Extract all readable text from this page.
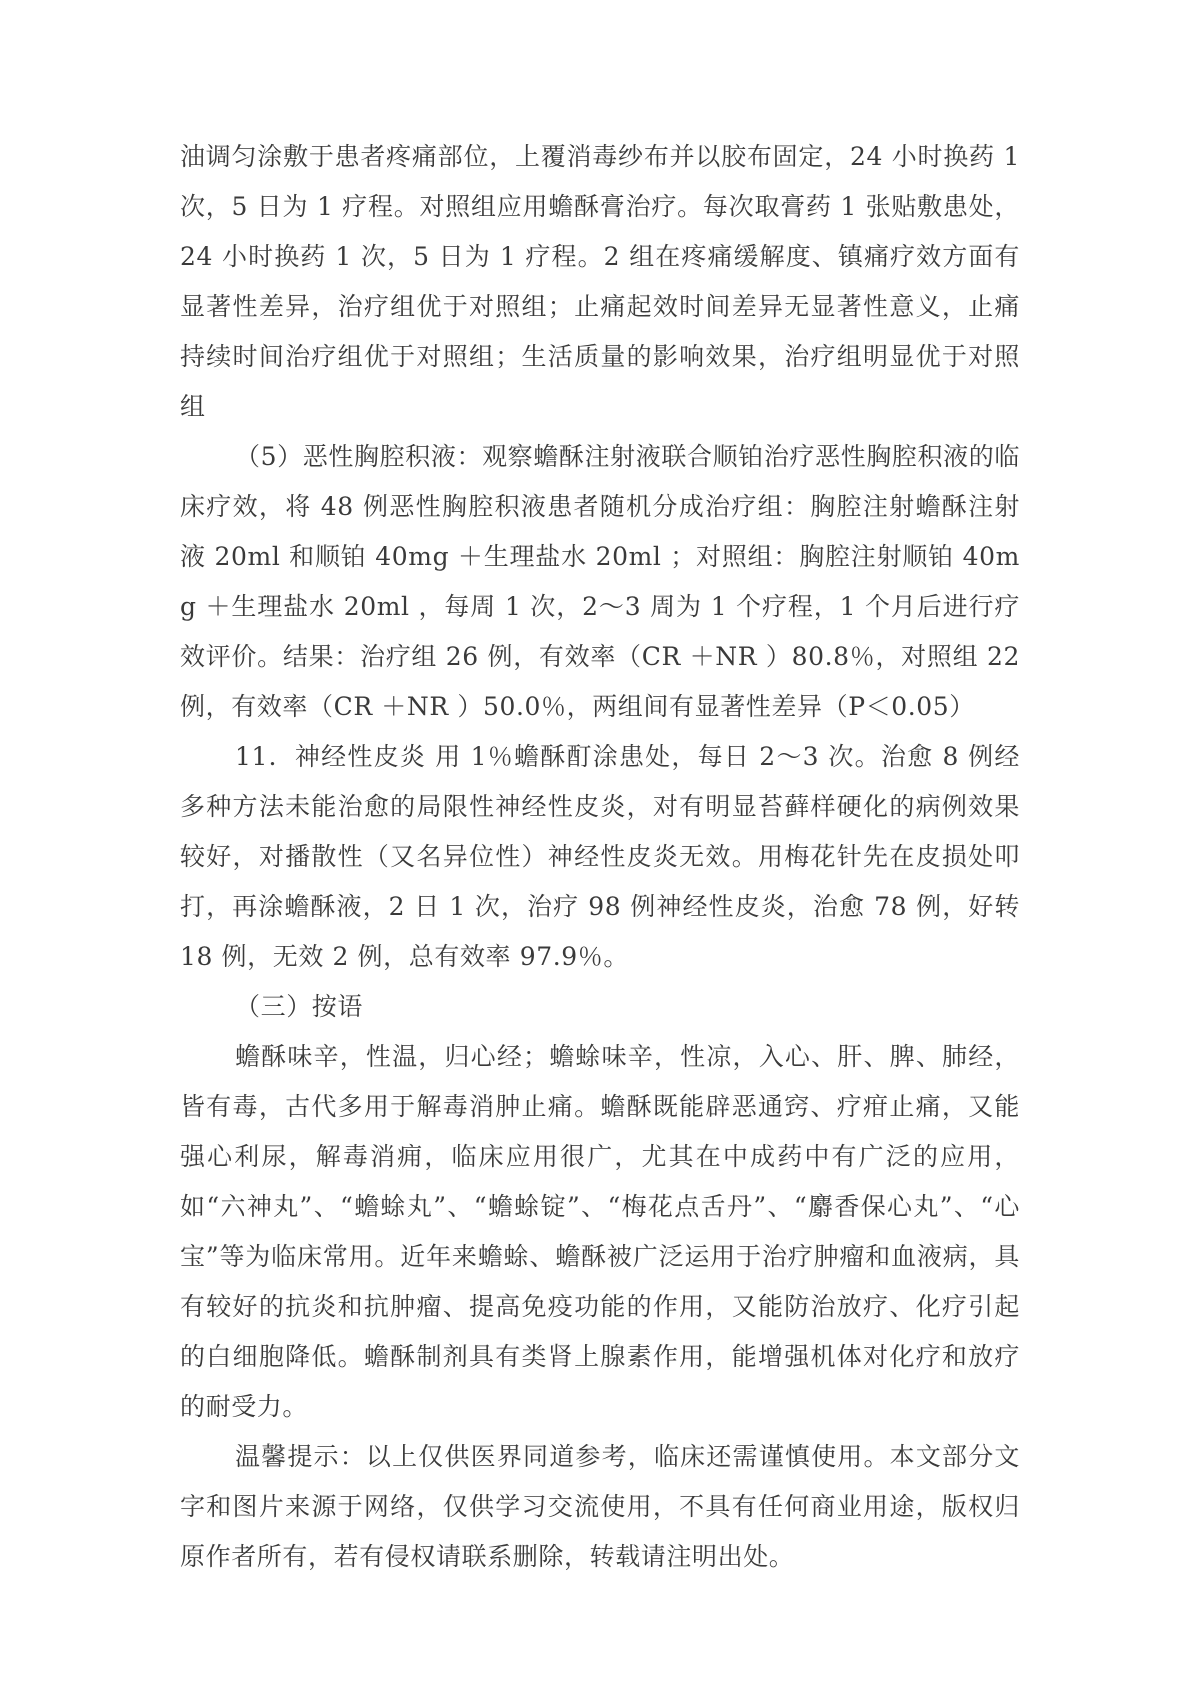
油调匀涂敷于患者疼痛部位，上覆消毒纱布并以胶布固定，24 小时换药 1 次，5 日为 1 疗程。对照组应用蟾酥膏治疗。每次取膏药 1 张贴敷患处，24 小时换药 1 次，5 日为 1 疗程。2 组在疼痛缓解度、镇痛疗效方面有显著性差异，治疗组优于对照组；止痛起效时间差异无显著性意义，止痛持续时间治疗组优于对照组；生活质量的影响效果，治疗组明显优于对照组

（5）恶性胸腔积液：观察蟾酥注射液联合顺铂治疗恶性胸腔积液的临床疗效，将 48 例恶性胸腔积液患者随机分成治疗组：胸腔注射蟾酥注射液 20ml 和顺铂 40mg ＋生理盐水 20ml ；对照组：胸腔注射顺铂 40mg ＋生理盐水 20ml ，每周 1 次，2～3 周为 1 个疗程，1 个月后进行疗效评价。结果：治疗组 26 例，有效率（CR ＋NR ）80.8％，对照组 22 例，有效率（CR ＋NR ）50.0％，两组间有显著性差异（P＜0.05）

11．神经性皮炎 用 1％蟾酥酊涂患处，每日 2～3 次。治愈 8 例经多种方法未能治愈的局限性神经性皮炎，对有明显苔藓样硬化的病例效果较好，对播散性（又名异位性）神经性皮炎无效。用梅花针先在皮损处叩打，再涂蟾酥液，2 日 1 次，治疗 98 例神经性皮炎，治愈 78 例，好转 18 例，无效 2 例，总有效率 97.9％。

（三）按语

蟾酥味辛，性温，归心经；蟾蜍味辛，性凉，入心、肝、脾、肺经，皆有毒，古代多用于解毒消肿止痛。蟾酥既能辟恶通窍、疗疳止痛，又能强心利尿，解毒消痈，临床应用很广，尤其在中成药中有广泛的应用，如“六神丸”、“蟾蜍丸”、“蟾蜍锭”、“梅花点舌丹”、“麝香保心丸”、“心宝”等为临床常用。近年来蟾蜍、蟾酥被广泛运用于治疗肿瘤和血液病，具有较好的抗炎和抗肿瘤、提高免疫功能的作用，又能防治放疗、化疗引起的白细胞降低。蟾酥制剂具有类肾上腺素作用，能增强机体对化疗和放疗的耐受力。

温馨提示：以上仅供医界同道参考，临床还需谨慎使用。本文部分文字和图片来源于网络，仅供学习交流使用，不具有任何商业用途，版权归原作者所有，若有侵权请联系删除，转载请注明出处。
